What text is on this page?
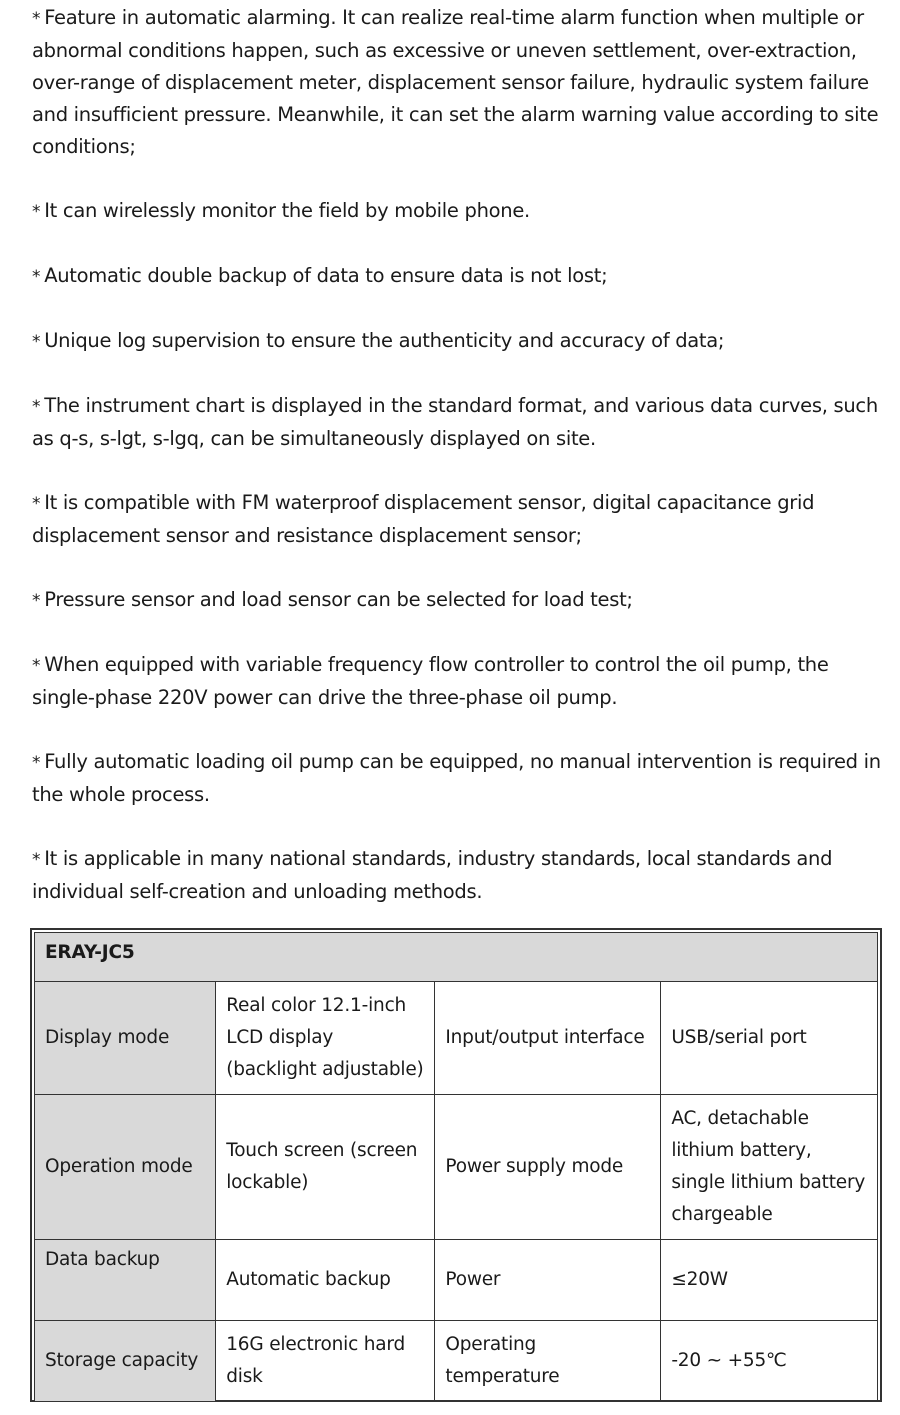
* Feature in automatic alarming. It can realize real-time alarm function when multiple or abnormal conditions happen, such as excessive or uneven settlement, over-extraction, over-range of displacement meter, displacement sensor failure, hydraulic system failure and insufficient pressure. Meanwhile, it can set the alarm warning value according to site conditions;

* It can wirelessly monitor the field by mobile phone.

* Automatic double backup of data to ensure data is not lost;

* Unique log supervision to ensure the authenticity and accuracy of data;

* The instrument chart is displayed in the standard format, and various data curves, such as q-s, s-lgt, s-lgq, can be simultaneously displayed on site.

* It is compatible with FM waterproof displacement sensor, digital capacitance grid displacement sensor and resistance displacement sensor;

* Pressure sensor and load sensor can be selected for load test;

* When equipped with variable frequency flow controller to control the oil pump, the single-phase 220V power can drive the three-phase oil pump.

* Fully automatic loading oil pump can be equipped, no manual intervention is required in the whole process.

* It is applicable in many national standards, industry standards, local standards and individual self-creation and unloading methods.

ERAY-JC5			
Display mode	Real color 12.1-inch LCD display (backlight adjustable)	Input/output interface	USB/serial port
Operation mode	Touch screen (screen lockable)	Power supply mode	AC, detachable lithium battery, single lithium battery chargeable
Data backup	Automatic backup	Power	≤20W
Storage capacity	16G electronic hard disk	Operating temperature	-20 ~ +55℃
